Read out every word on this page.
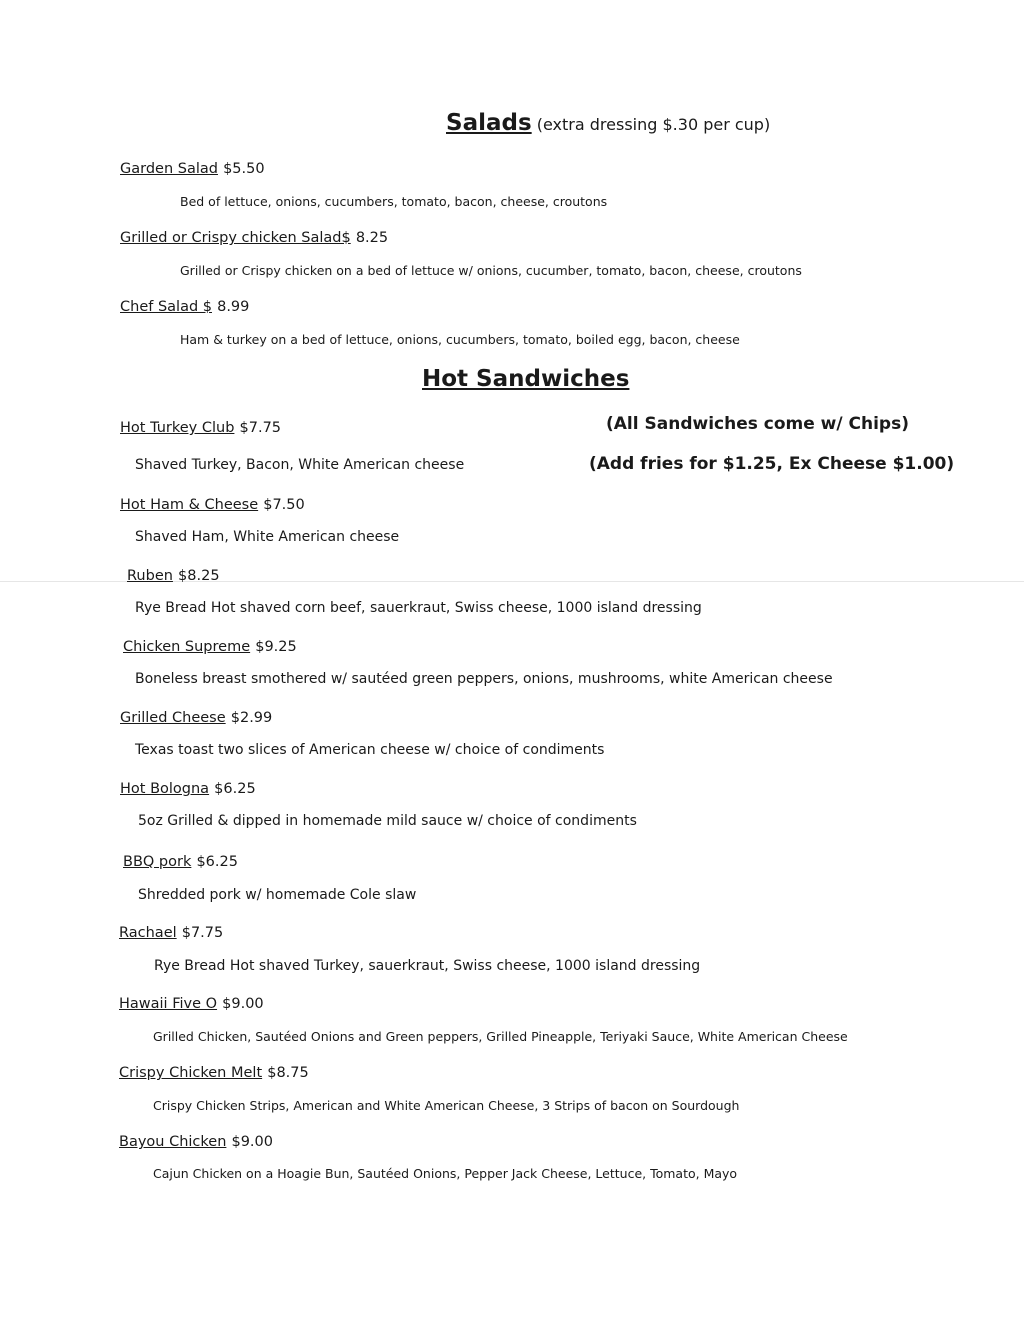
Salads (extra dressing $.30 per cup)
Garden Salad $5.50
Bed of lettuce, onions, cucumbers, tomato, bacon, cheese, croutons
Grilled or Crispy chicken Salad$ 8.25
Grilled or Crispy chicken on a bed of lettuce w/ onions, cucumber, tomato, bacon, cheese, croutons
Chef Salad $ 8.99
Ham & turkey on a bed of lettuce, onions, cucumbers, tomato, boiled egg, bacon, cheese
Hot Sandwiches
(All Sandwiches come w/ Chips)
(Add fries for $1.25, Ex Cheese $1.00)
Hot Turkey Club $7.75
Shaved Turkey, Bacon, White American cheese
Hot Ham & Cheese $7.50
Shaved Ham, White American cheese
Ruben $8.25
Rye Bread Hot shaved corn beef, sauerkraut, Swiss cheese, 1000 island dressing
Chicken Supreme $9.25
Boneless breast smothered w/ sautéed green peppers, onions, mushrooms, white American cheese
Grilled Cheese $2.99
Texas toast two slices of American cheese w/ choice of condiments
Hot Bologna $6.25
5oz Grilled & dipped in homemade mild sauce w/ choice of condiments
BBQ pork $6.25
Shredded pork w/ homemade Cole slaw
Rachael $7.75
Rye Bread Hot shaved Turkey, sauerkraut, Swiss cheese, 1000 island dressing
Hawaii Five O $9.00
Grilled Chicken, Sautéed Onions and Green peppers, Grilled Pineapple, Teriyaki Sauce, White American Cheese
Crispy Chicken Melt $8.75
Crispy Chicken Strips, American and White American Cheese, 3 Strips of bacon on Sourdough
Bayou Chicken $9.00
Cajun Chicken on a Hoagie Bun, Sautéed Onions, Pepper Jack Cheese, Lettuce, Tomato, Mayo
